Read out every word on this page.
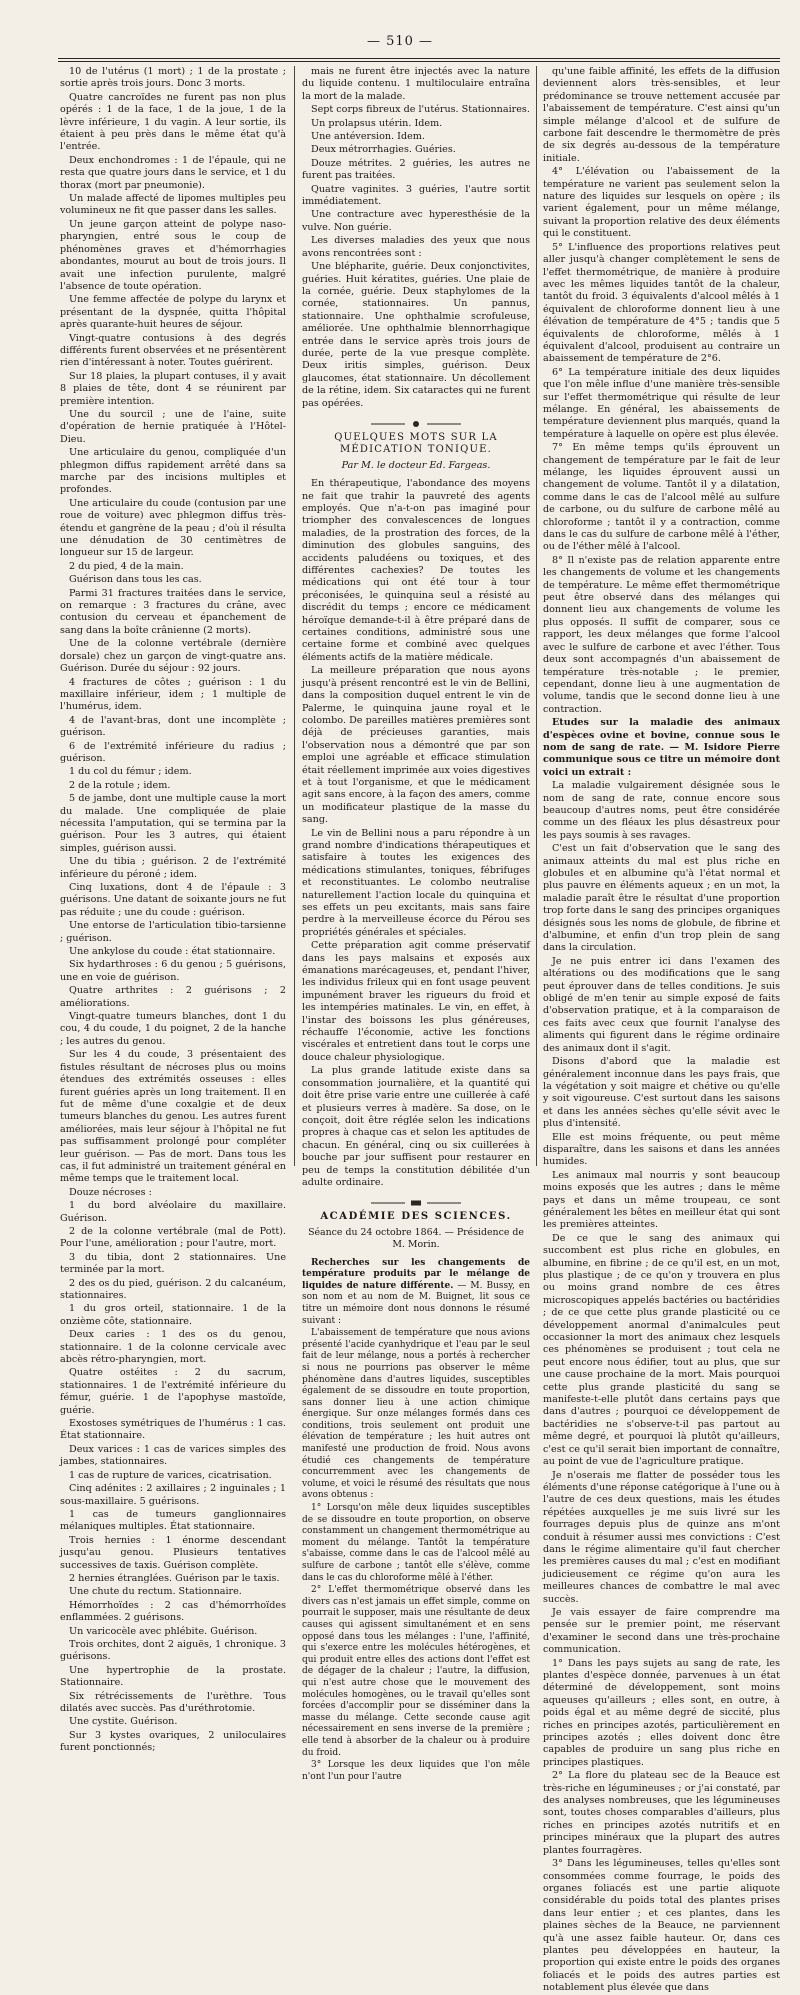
— 510 —

10 de l'utérus (1 mort) ; 1 de la prostate ; sortie après trois jours. Donc 3 morts.

Quatre cancroïdes ne furent pas non plus opérés : 1 de la face, 1 de la joue, 1 de la lèvre inférieure, 1 du vagin. A leur sortie, ils étaient à peu près dans le même état qu'à l'entrée.

Deux enchondromes : 1 de l'épaule, qui ne resta que quatre jours dans le service, et 1 du thorax (mort par pneumonie).

Un malade affecté de lipomes multiples peu volumineux ne fit que passer dans les salles.

Un jeune garçon atteint de polype naso-pharyngien, entré sous le coup de phénomènes graves et d'hémorrhagies abondantes, mourut au bout de trois jours. Il avait une infection purulente, malgré l'absence de toute opération.

Une femme affectée de polype du larynx et présentant de la dyspnée, quitta l'hôpital après quarante-huit heures de séjour.

Vingt-quatre contusions à des degrés différents furent observées et ne présentèrent rien d'intéressant à noter. Toutes guérirent.

Sur 18 plaies, la plupart contuses, il y avait 8 plaies de tête, dont 4 se réunirent par première intention.

Une du sourcil ; une de l'aine, suite d'opération de hernie pratiquée à l'Hôtel-Dieu.

Une articulaire du genou, compliquée d'un phlegmon diffus rapidement arrêté dans sa marche par des incisions multiples et profondes.

Une articulaire du coude (contusion par une roue de voiture) avec phlegmon diffus très-étendu et gangrène de la peau ; d'où il résulta une dénudation de 30 centimètres de longueur sur 15 de largeur.

2 du pied, 4 de la main.

Guérison dans tous les cas.

Parmi 31 fractures traitées dans le service, on remarque : 3 fractures du crâne, avec contusion du cerveau et épanchement de sang dans la boîte crânienne (2 morts).

Une de la colonne vertébrale (dernière dorsale) chez un garçon de vingt-quatre ans. Guérison. Durée du séjour : 92 jours.

4 fractures de côtes ; guérison : 1 du maxillaire inférieur, idem ; 1 multiple de l'humérus, idem.

4 de l'avant-bras, dont une incomplète ; guérison.

6 de l'extrémité inférieure du radius ; guérison.

1 du col du fémur ; idem.

2 de la rotule ; idem.

5 de jambe, dont une multiple cause la mort du malade. Une compliquée de plaie nécessita l'amputation, qui se termina par la guérison. Pour les 3 autres, qui étaient simples, guérison aussi.

Une du tibia ; guérison. 2 de l'extrémité inférieure du péroné ; idem.

Cinq luxations, dont 4 de l'épaule : 3 guérisons. Une datant de soixante jours ne fut pas réduite ; une du coude : guérison.

Une entorse de l'articulation tibio-tarsienne ; guérison.

Une ankylose du coude : état stationnaire.

Six hydarthroses : 6 du genou ; 5 guérisons, une en voie de guérison.

Quatre arthrites : 2 guérisons ; 2 améliorations.

Vingt-quatre tumeurs blanches, dont 1 du cou, 4 du coude, 1 du poignet, 2 de la hanche ; les autres du genou.

Sur les 4 du coude, 3 présentaient des fistules résultant de nécroses plus ou moins étendues des extrémités osseuses : elles furent guéries après un long traitement. Il en fut de même d'une coxalgie et de deux tumeurs blanches du genou. Les autres furent améliorées, mais leur séjour à l'hôpital ne fut pas suffisamment prolongé pour compléter leur guérison. — Pas de mort. Dans tous les cas, il fut administré un traitement général en même temps que le traitement local.

Douze nécroses :

1 du bord alvéolaire du maxillaire. Guérison.

2 de la colonne vertébrale (mal de Pott). Pour l'une, amélioration ; pour l'autre, mort.

3 du tibia, dont 2 stationnaires. Une terminée par la mort.

2 des os du pied, guérison. 2 du calcanéum, stationnaires.

1 du gros orteil, stationnaire. 1 de la onzième côte, stationnaire.

Deux caries : 1 des os du genou, stationnaire. 1 de la colonne cervicale avec abcès rétro-pharyngien, mort.

Quatre ostéites : 2 du sacrum, stationnaires. 1 de l'extrémité inférieure du fémur, guérie. 1 de l'apophyse mastoïde, guérie.

Exostoses symétriques de l'humérus : 1 cas. État stationnaire.

Deux varices : 1 cas de varices simples des jambes, stationnaires.

1 cas de rupture de varices, cicatrisation.

Cinq adénites : 2 axillaires ; 2 inguinales ; 1 sous-maxillaire. 5 guérisons.

1 cas de tumeurs ganglionnaires mélaniques multiples. État stationnaire.

Trois hernies : 1 énorme descendant jusqu'au genou. Plusieurs tentatives successives de taxis. Guérison complète.

2 hernies étranglées. Guérison par le taxis.

Une chute du rectum. Stationnaire.

Hémorrhoïdes : 2 cas d'hémorrhoïdes enflammées. 2 guérisons.

Un varicocèle avec phlébite. Guérison.

Trois orchites, dont 2 aiguës, 1 chronique. 3 guérisons.

Une hypertrophie de la prostate. Stationnaire.

Six rétrécissements de l'urèthre. Tous dilatés avec succès. Pas d'uréthrotomie.

Une cystite. Guérison.

Sur 3 kystes ovariques, 2 uniloculaires furent ponctionnés;

mais ne furent être injectés avec la nature du liquide contenu. 1 multiloculaire entraîna la mort de la malade.

Sept corps fibreux de l'utérus. Stationnaires.

Un prolapsus utérin. Idem.

Une antéversion. Idem.

Deux métrorrhagies. Guéries.

Douze métrites. 2 guéries, les autres ne furent pas traitées.

Quatre vaginites. 3 guéries, l'autre sortit immédiatement.

Une contracture avec hyperesthésie de la vulve. Non guérie.

Les diverses maladies des yeux que nous avons rencontrées sont :

Une blépharite, guérie. Deux conjonctivites, guéries. Huit kératites, guéries. Une plaie de la cornée, guérie. Deux staphylomes de la cornée, stationnaires. Un pannus, stationnaire. Une ophthalmie scrofuleuse, améliorée. Une ophthalmie blennorrhagique entrée dans le service après trois jours de durée, perte de la vue presque complète. Deux iritis simples, guérison. Deux glaucomes, état stationnaire. Un décollement de la rétine, idem. Six cataractes qui ne furent pas opérées.

QUELQUES MOTS SUR LA MÉDICATION TONIQUE.
Par M. le docteur Ed. Fargeas.

En thérapeutique, l'abondance des moyens ne fait que trahir la pauvreté des agents employés. Que n'a-t-on pas imaginé pour triompher des convalescences de longues maladies, de la prostration des forces, de la diminution des globules sanguins, des accidents paludéens ou toxiques, et des différentes cachexies? De toutes les médications qui ont été tour à tour préconisées, le quinquina seul a résisté au discrédit du temps ; encore ce médicament héroïque demande-t-il à être préparé dans de certaines conditions, administré sous une certaine forme et combiné avec quelques éléments actifs de la matière médicale.

La meilleure préparation que nous ayons jusqu'à présent rencontré est le vin de Bellini, dans la composition duquel entrent le vin de Palerme, le quinquina jaune royal et le colombo. De pareilles matières premières sont déjà de précieuses garanties, mais l'observation nous a démontré que par son emploi une agréable et efficace stimulation était réellement imprimée aux voies digestives et à tout l'organisme, et que le médicament agit sans encore, à la façon des amers, comme un modificateur plastique de la masse du sang.

Le vin de Bellini nous a paru répondre à un grand nombre d'indications thérapeutiques et satisfaire à toutes les exigences des médications stimulantes, toniques, fébrifuges et reconstituantes. Le colombo neutralise naturellement l'action locale du quinquina et ses effets un peu excitants, mais sans faire perdre à la merveilleuse écorce du Pérou ses propriétés générales et spéciales.

Cette préparation agit comme préservatif dans les pays malsains et exposés aux émanations marécageuses, et, pendant l'hiver, les individus frileux qui en font usage peuvent impunément braver les rigueurs du froid et les intempéries matinales. Le vin, en effet, à l'instar des boissons les plus généreuses, réchauffe l'économie, active les fonctions viscérales et entretient dans tout le corps une douce chaleur physiologique.

La plus grande latitude existe dans sa consommation journalière, et la quantité qui doit être prise varie entre une cuillerée à café et plusieurs verres à madère. Sa dose, on le conçoit, doit être réglée selon les indications propres à chaque cas et selon les aptitudes de chacun. En général, cinq ou six cuillerées à bouche par jour suffisent pour restaurer en peu de temps la constitution débilitée d'un adulte ordinaire.

ACADÉMIE DES SCIENCES.
Séance du 24 octobre 1864. — Présidence de M. Morin.

Recherches sur les changements de température produits par le mélange de liquides de nature différente. — M. Bussy, en son nom et au nom de M. Buignet, lit sous ce titre un mémoire dont nous donnons le résumé suivant :

L'abaissement de température que nous avions présenté l'acide cyanhydrique et l'eau par le seul fait de leur mélange, nous a portés à rechercher si nous ne pourrions pas observer le même phénomène dans d'autres liquides, susceptibles également de se dissoudre en toute proportion, sans donner lieu à une action chimique énergique. Sur onze mélanges formés dans ces conditions, trois seulement ont produit une élévation de température ; les huit autres ont manifesté une production de froid. Nous avons étudié ces changements de température concurremment avec les changements de volume, et voici le résumé des résultats que nous avons obtenus :

1° Lorsqu'on mêle deux liquides susceptibles de se dissoudre en toute proportion, on observe constamment un changement thermométrique au moment du mélange. Tantôt la température s'abaisse, comme dans le cas de l'alcool mêlé au sulfure de carbone ; tantôt elle s'élève, comme dans le cas du chloroforme mêlé à l'éther.

2° L'effet thermométrique observé dans les divers cas n'est jamais un effet simple, comme on pourrait le supposer, mais une résultante de deux causes qui agissent simultanément et en sens opposé dans tous les mélanges : l'une, l'affinité, qui s'exerce entre les molécules hétérogènes, et qui produit entre elles des actions dont l'effet est de dégager de la chaleur ; l'autre, la diffusion, qui n'est autre chose que le mouvement des molécules homogènes, ou le travail qu'elles sont forcées d'accomplir pour se disséminer dans la masse du mélange. Cette seconde cause agit nécessairement en sens inverse de la première ; elle tend à absorber de la chaleur ou à produire du froid.

3° Lorsque les deux liquides que l'on mêle n'ont l'un pour l'autre

qu'une faible affinité, les effets de la diffusion deviennent alors très-sensibles, et leur prédominance se trouve nettement accusée par l'abaissement de température. C'est ainsi qu'un simple mélange d'alcool et de sulfure de carbone fait descendre le thermomètre de près de six degrés au-dessous de la température initiale.

4° L'élévation ou l'abaissement de la température ne varient pas seulement selon la nature des liquides sur lesquels on opère ; ils varient également, pour un même mélange, suivant la proportion relative des deux éléments qui le constituent.

5° L'influence des proportions relatives peut aller jusqu'à changer complètement le sens de l'effet thermométrique, de manière à produire avec les mêmes liquides tantôt de la chaleur, tantôt du froid. 3 équivalents d'alcool mêlés à 1 équivalent de chloroforme donnent lieu à une élévation de température de 4°5 ; tandis que 5 équivalents de chloroforme, mêlés à 1 équivalent d'alcool, produisent au contraire un abaissement de température de 2°6.

6° La température initiale des deux liquides que l'on mêle influe d'une manière très-sensible sur l'effet thermométrique qui résulte de leur mélange. En général, les abaissements de température deviennent plus marqués, quand la température à laquelle on opère est plus élevée.

7° En même temps qu'ils éprouvent un changement de température par le fait de leur mélange, les liquides éprouvent aussi un changement de volume. Tantôt il y a dilatation, comme dans le cas de l'alcool mêlé au sulfure de carbone, ou du sulfure de carbone mêlé au chloroforme ; tantôt il y a contraction, comme dans le cas du sulfure de carbone mêlé à l'éther, ou de l'éther mêlé à l'alcool.

8° Il n'existe pas de relation apparente entre les changements de volume et les changements de température. Le même effet thermométrique peut être observé dans des mélanges qui donnent lieu aux changements de volume les plus opposés. Il suffit de comparer, sous ce rapport, les deux mélanges que forme l'alcool avec le sulfure de carbone et avec l'éther. Tous deux sont accompagnés d'un abaissement de température très-notable ; le premier, cependant, donne lieu à une augmentation de volume, tandis que le second donne lieu à une contraction.

Etudes sur la maladie des animaux d'espèces ovine et bovine, connue sous le nom de sang de rate. — M. Isidore Pierre communique sous ce titre un mémoire dont voici un extrait :

La maladie vulgairement désignée sous le nom de sang de rate, connue encore sous beaucoup d'autres noms, peut être considérée comme un des fléaux les plus désastreux pour les pays soumis à ses ravages.

C'est un fait d'observation que le sang des animaux atteints du mal est plus riche en globules et en albumine qu'à l'état normal et plus pauvre en éléments aqueux ; en un mot, la maladie paraît être le résultat d'une proportion trop forte dans le sang des principes organiques désignés sous les noms de globule, de fibrine et d'albumine, et enfin d'un trop plein de sang dans la circulation.

Je ne puis entrer ici dans l'examen des altérations ou des modifications que le sang peut éprouver dans de telles conditions. Je suis obligé de m'en tenir au simple exposé de faits d'observation pratique, et à la comparaison de ces faits avec ceux que fournit l'analyse des aliments qui figurent dans le régime ordinaire des animaux dont il s'agit.

Disons d'abord que la maladie est généralement inconnue dans les pays frais, que la végétation y soit maigre et chétive ou qu'elle y soit vigoureuse. C'est surtout dans les saisons et dans les années sèches qu'elle sévit avec le plus d'intensité.

Elle est moins fréquente, ou peut même disparaître, dans les saisons et dans les années humides.

Les animaux mal nourris y sont beaucoup moins exposés que les autres ; dans le même pays et dans un même troupeau, ce sont généralement les bêtes en meilleur état qui sont les premières atteintes.

De ce que le sang des animaux qui succombent est plus riche en globules, en albumine, en fibrine ; de ce qu'il est, en un mot, plus plastique ; de ce qu'on y trouvera en plus ou moins grand nombre de ces êtres microscopiques appelés bactéries ou bactéridies ; de ce que cette plus grande plasticité ou ce développement anormal d'animalcules peut occasionner la mort des animaux chez lesquels ces phénomènes se produisent ; tout cela ne peut encore nous édifier, tout au plus, que sur une cause prochaine de la mort. Mais pourquoi cette plus grande plasticité du sang se manifeste-t-elle plutôt dans certains pays que dans d'autres ; pourquoi ce développement de bactéridies ne s'observe-t-il pas partout au même degré, et pourquoi là plutôt qu'ailleurs, c'est ce qu'il serait bien important de connaître, au point de vue de l'agriculture pratique.

Je n'oserais me flatter de posséder tous les éléments d'une réponse catégorique à l'une ou à l'autre de ces deux questions, mais les études répétées auxquelles je me suis livré sur les fourrages depuis plus de quinze ans m'ont conduit à résumer aussi mes convictions : C'est dans le régime alimentaire qu'il faut chercher les premières causes du mal ; c'est en modifiant judicieusement ce régime qu'on aura les meilleures chances de combattre le mal avec succès.

Je vais essayer de faire comprendre ma pensée sur le premier point, me réservant d'examiner le second dans une très-prochaine communication.

1° Dans les pays sujets au sang de rate, les plantes d'espèce donnée, parvenues à un état déterminé de développement, sont moins aqueuses qu'ailleurs ; elles sont, en outre, à poids égal et au même degré de siccité, plus riches en principes azotés, particulièrement en principes azotés ; elles doivent donc être capables de produire un sang plus riche en principes plastiques.

2° La flore du plateau sec de la Beauce est très-riche en légumineuses ; or j'ai constaté, par des analyses nombreuses, que les légumineuses sont, toutes choses comparables d'ailleurs, plus riches en principes azotés nutritifs et en principes minéraux que la plupart des autres plantes fourragères.

3° Dans les légumineuses, telles qu'elles sont consommées comme fourrage, le poids des organes foliacés est une partie aliquote considérable du poids total des plantes prises dans leur entier ; et ces plantes, dans les plaines sèches de la Beauce, ne parviennent qu'à une assez faible hauteur. Or, dans ces plantes peu développées en hauteur, la proportion qui existe entre le poids des organes foliacés et le poids des autres parties est notablement plus élevée que dans
